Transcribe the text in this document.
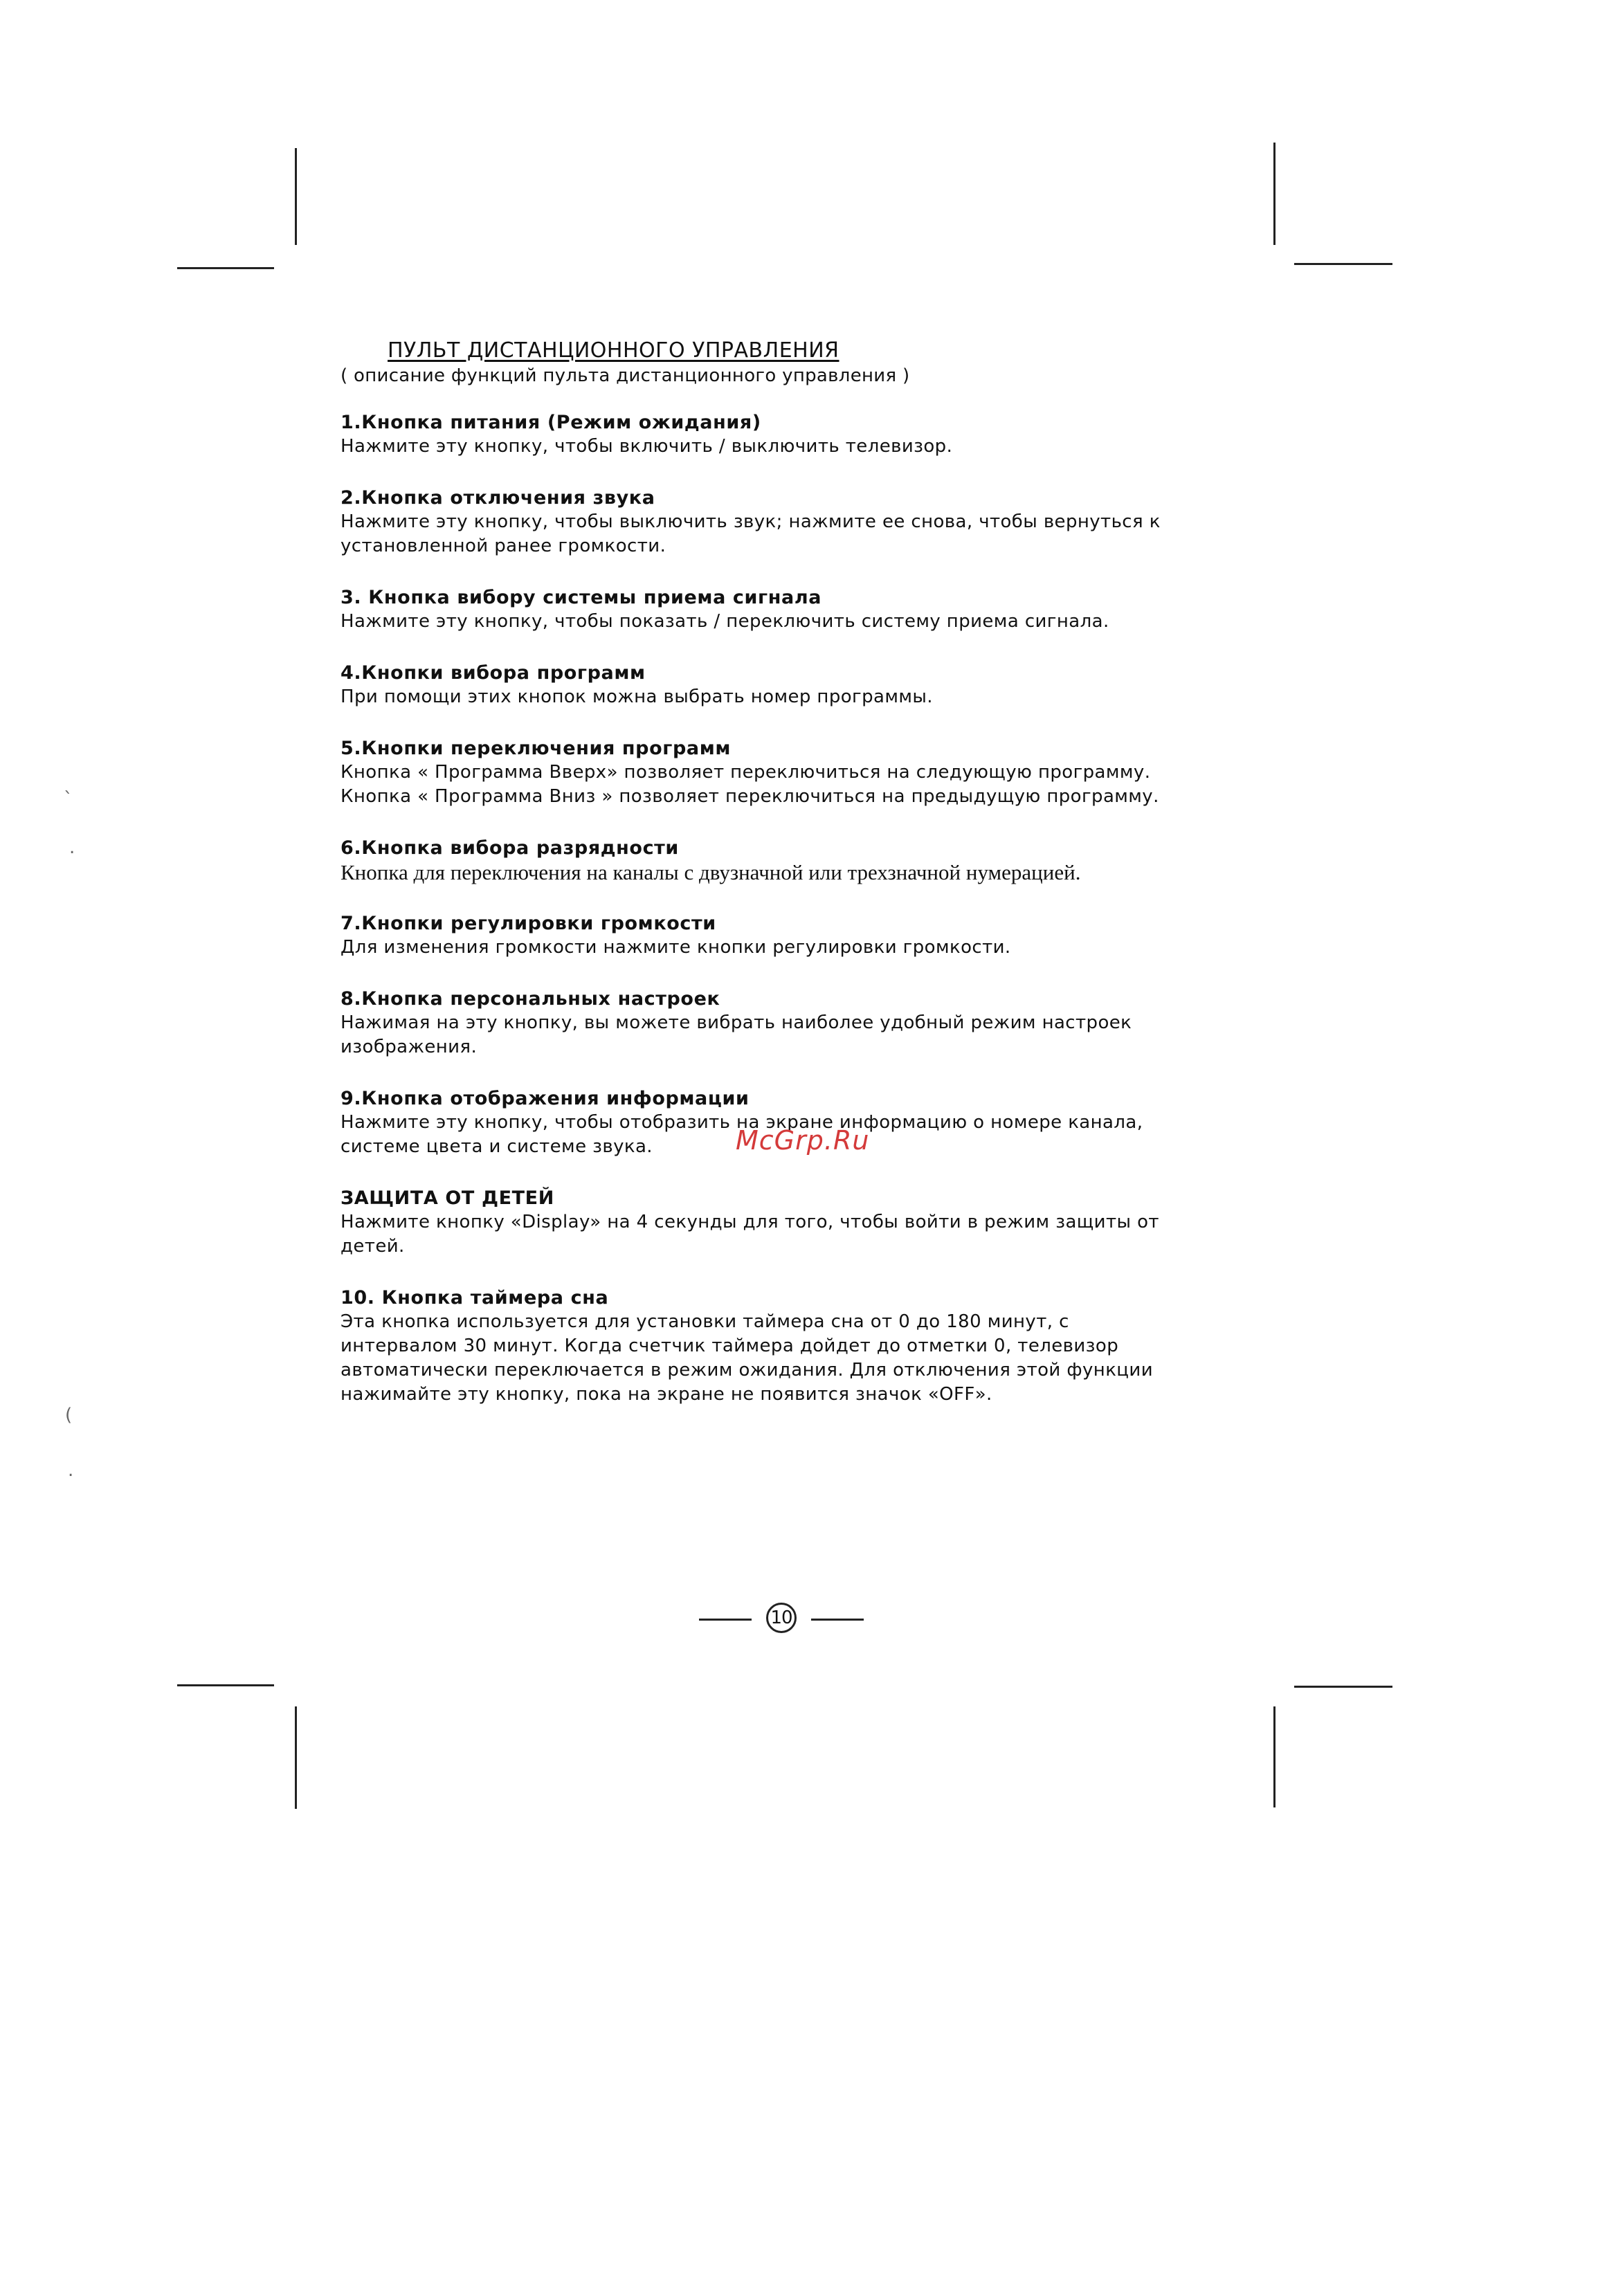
`
.
(
.
ПУЛЬТ ДИСТАНЦИОННОГО УПРАВЛЕНИЯ
( описание функций пульта дистанционного управления )
1.Кнопка питания (Режим ожидания)
Нажмите эту кнопку, чтобы включить / выключить телевизор.
2.Кнопка отключения звука
Нажмите эту кнопку, чтобы выключить звук; нажмите ее снова, чтобы вернуться к
установленной ранее громкости.
3. Кнопка вибору системы приема сигнала
Нажмите эту кнопку, чтобы показать / переключить систему приема сигнала.
4.Кнопки вибора программ
При помощи этих кнопок можна выбрать номер программы.
5.Кнопки переключения программ
Кнопка « Программа Вверх» позволяет переключиться на следующую программу.
Кнопка « Программа Вниз » позволяет переключиться на предыдущую программу.
6.Кнопка вибора разрядности
Кнопка для переключения на каналы с двузначной или трехзначной нумерацией.
7.Кнопки регулировки громкости
Для изменения громкости нажмите кнопки регулировки громкости.
8.Кнопка персональных настроек
Нажимая на эту кнопку, вы можете вибрать наиболее удобный режим настроек
изображения.
9.Кнопка отображения информации
Нажмите эту кнопку, чтобы отобразить на экране информацию о номере канала,
системе цвета и системе звука.
ЗАЩИТА ОТ ДЕТЕЙ
Нажмите кнопку «Display» на 4 секунды для того, чтобы войти в режим защиты от
детей.
10. Кнопка таймера сна
Эта кнопка используется для установки таймера сна от 0 до 180 минут, с
интервалом 30 минут. Когда счетчик таймера дойдет до отметки 0, телевизор
автоматически переключается в режим ожидания. Для отключения этой функции
нажимайте эту кнопку, пока на экране не появится значок «OFF».
McGrp.Ru
10
